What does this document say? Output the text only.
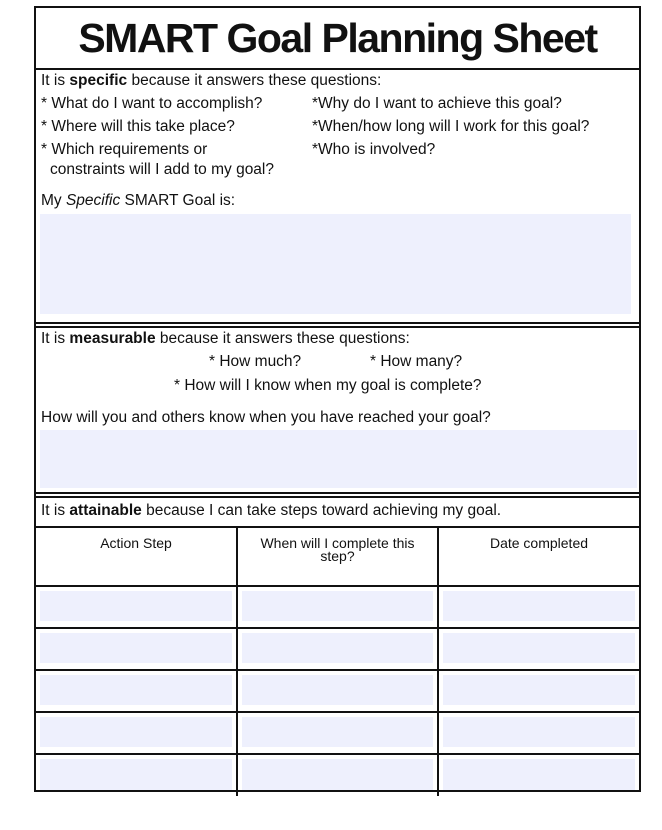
SMART Goal Planning Sheet
It is specific because it answers these questions:
* What do I want to accomplish?
* Where will this take place?
* Which requirements or
constraints will I add to my goal?
*Why do I want to achieve this goal?
*When/how long will I work for this goal?
*Who is involved?
My Specific SMART Goal is:
It is measurable because it answers these questions:
* How much?	* How many?
* How will I know when my goal is complete?
How will you and others know when you have reached your goal?
It is attainable because I can take steps toward achieving my goal.
Action Step	When will I complete this step?	Date completed
